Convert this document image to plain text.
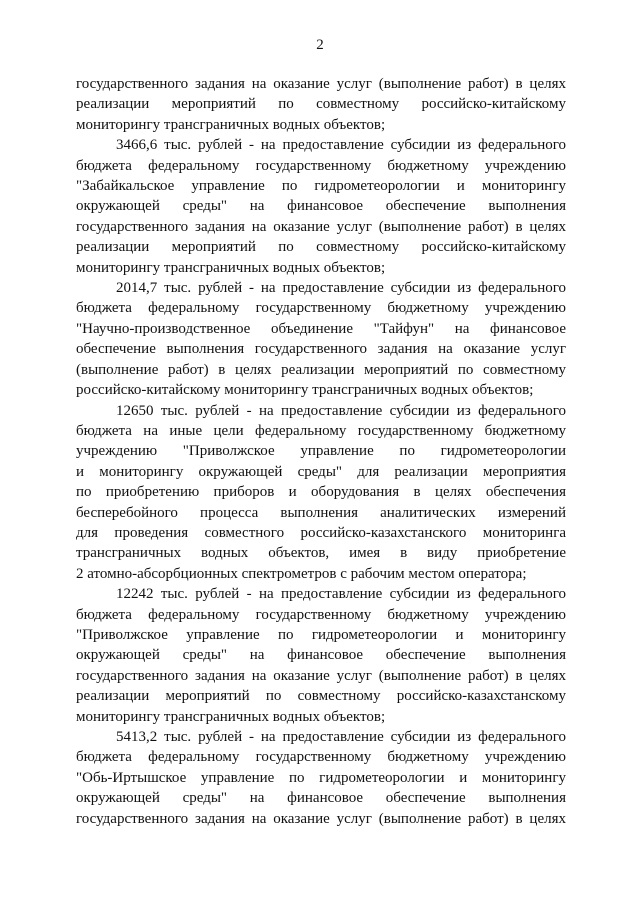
2
государственного задания на оказание услуг (выполнение работ) в целях
реализации мероприятий по совместному российско-китайскому
мониторингу трансграничных водных объектов;
3466,6 тыс. рублей - на предоставление субсидии из федерального
бюджета федеральному государственному бюджетному учреждению
"Забайкальское управление по гидрометеорологии и мониторингу
окружающей среды" на финансовое обеспечение выполнения
государственного задания на оказание услуг (выполнение работ) в целях
реализации мероприятий по совместному российско-китайскому
мониторингу трансграничных водных объектов;
2014,7 тыс. рублей - на предоставление субсидии из федерального
бюджета федеральному государственному бюджетному учреждению
"Научно-производственное объединение "Тайфун" на финансовое
обеспечение выполнения государственного задания на оказание услуг
(выполнение работ) в целях реализации мероприятий по совместному
российско-китайскому мониторингу трансграничных водных объектов;
12650 тыс. рублей - на предоставление субсидии из федерального
бюджета на иные цели федеральному государственному бюджетному
учреждению "Приволжское управление по гидрометеорологии
и мониторингу окружающей среды" для реализации мероприятия
по приобретению приборов и оборудования в целях обеспечения
бесперебойного процесса выполнения аналитических измерений
для проведения совместного российско-казахстанского мониторинга
трансграничных водных объектов, имея в виду приобретение
2 атомно-абсорбционных спектрометров с рабочим местом оператора;
12242 тыс. рублей - на предоставление субсидии из федерального
бюджета федеральному государственному бюджетному учреждению
"Приволжское управление по гидрометеорологии и мониторингу
окружающей среды" на финансовое обеспечение выполнения
государственного задания на оказание услуг (выполнение работ) в целях
реализации мероприятий по совместному российско-казахстанскому
мониторингу трансграничных водных объектов;
5413,2 тыс. рублей - на предоставление субсидии из федерального
бюджета федеральному государственному бюджетному учреждению
"Обь-Иртышское управление по гидрометеорологии и мониторингу
окружающей среды" на финансовое обеспечение выполнения
государственного задания на оказание услуг (выполнение работ) в целях
